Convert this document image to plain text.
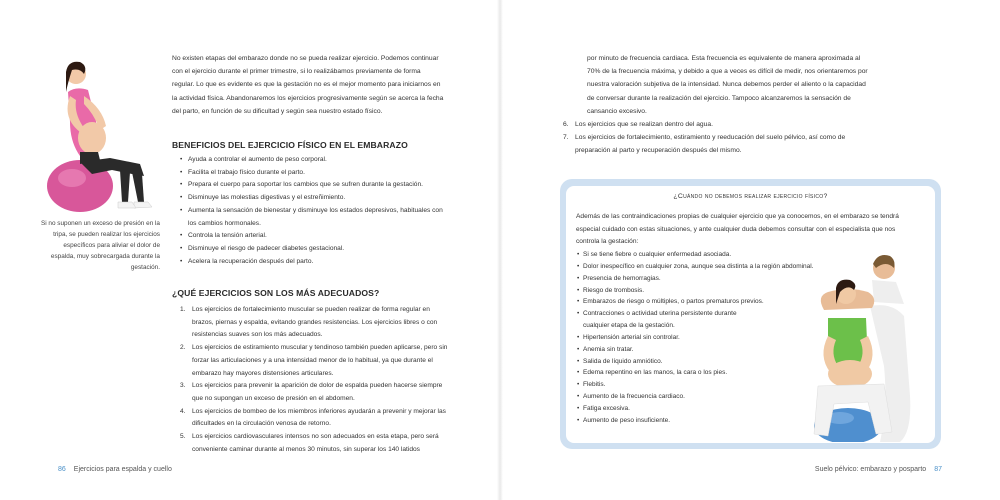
Si no suponen un exceso de presión en la tripa, se pueden realizar los ejercicios específicos para aliviar el dolor de espalda, muy sobrecargada durante la gestación.
No existen etapas del embarazo donde no se pueda realizar ejercicio. Podemos continuar con el ejercicio durante el primer trimestre, si lo realizábamos previamente de forma regular. Lo que es evidente es que la gestación no es el mejor momento para iniciarnos en la actividad física. Abandonaremos los ejercicios progresivamente según se acerca la fecha del parto, en función de su dificultad y según sea nuestro estado físico.
BENEFICIOS DEL EJERCICIO FÍSICO EN EL EMBARAZO
• Ayuda a controlar el aumento de peso corporal.
• Facilita el trabajo físico durante el parto.
• Prepara el cuerpo para soportar los cambios que se sufren durante la gestación.
• Disminuye las molestias digestivas y el estreñimiento.
• Aumenta la sensación de bienestar y disminuye los estados depresivos, habituales con los cambios hormonales.
• Controla la tensión arterial.
• Disminuye el riesgo de padecer diabetes gestacional.
• Acelera la recuperación después del parto.
¿QUÉ EJERCICIOS SON LOS MÁS ADECUADOS?
1. Los ejercicios de fortalecimiento muscular se pueden realizar de forma regular en brazos, piernas y espalda, evitando grandes resistencias. Los ejercicios libres o con resistencias suaves son los más adecuados.
2. Los ejercicios de estiramiento muscular y tendinoso también pueden aplicarse, pero sin forzar las articulaciones y a una intensidad menor de lo habitual, ya que durante el embarazo hay mayores distensiones articulares.
3. Los ejercicios para prevenir la aparición de dolor de espalda pueden hacerse siempre que no supongan un exceso de presión en el abdomen.
4. Los ejercicios de bombeo de los miembros inferiores ayudarán a prevenir y mejorar las dificultades en la circulación venosa de retorno.
5. Los ejercicios cardiovasculares intensos no son adecuados en esta etapa, pero será conveniente caminar durante al menos 30 minutos, sin superar los 140 latidos
86 Ejercicios para espalda y cuello
por minuto de frecuencia cardiaca. Esta frecuencia es equivalente de manera aproximada al 70% de la frecuencia máxima, y debido a que a veces es difícil de medir, nos orientaremos por nuestra valoración subjetiva de la intensidad. Nunca debemos perder el aliento o la capacidad de conversar durante la realización del ejercicio. Tampoco alcanzaremos la sensación de cansancio excesivo.
6. Los ejercicios que se realizan dentro del agua.
7. Los ejercicios de fortalecimiento, estiramiento y reeducación del suelo pélvico, así como de preparación al parto y recuperación después del mismo.
¿Cuándo no debemos realizar ejercicio físico?
Además de las contraindicaciones propias de cualquier ejercicio que ya conocemos, en el embarazo se tendrá especial cuidado con estas situaciones, y ante cualquier duda debemos consultar con el especialista que nos controla la gestación:
• Si se tiene fiebre o cualquier enfermedad asociada.
• Dolor inespecífico en cualquier zona, aunque sea distinta a la región abdominal.
• Presencia de hemorragias.
• Riesgo de trombosis.
• Embarazos de riesgo o múltiples, o partos prematuros previos.
• Contracciones o actividad uterina persistente durante
cualquier etapa de la gestación.
• Hipertensión arterial sin controlar.
• Anemia sin tratar.
• Salida de líquido amniótico.
• Edema repentino en las manos, la cara o los pies.
• Flebitis.
• Aumento de la frecuencia cardiaco.
• Fatiga excesiva.
• Aumento de peso insuficiente.
Suelo pélvico: embarazo y posparto 87
